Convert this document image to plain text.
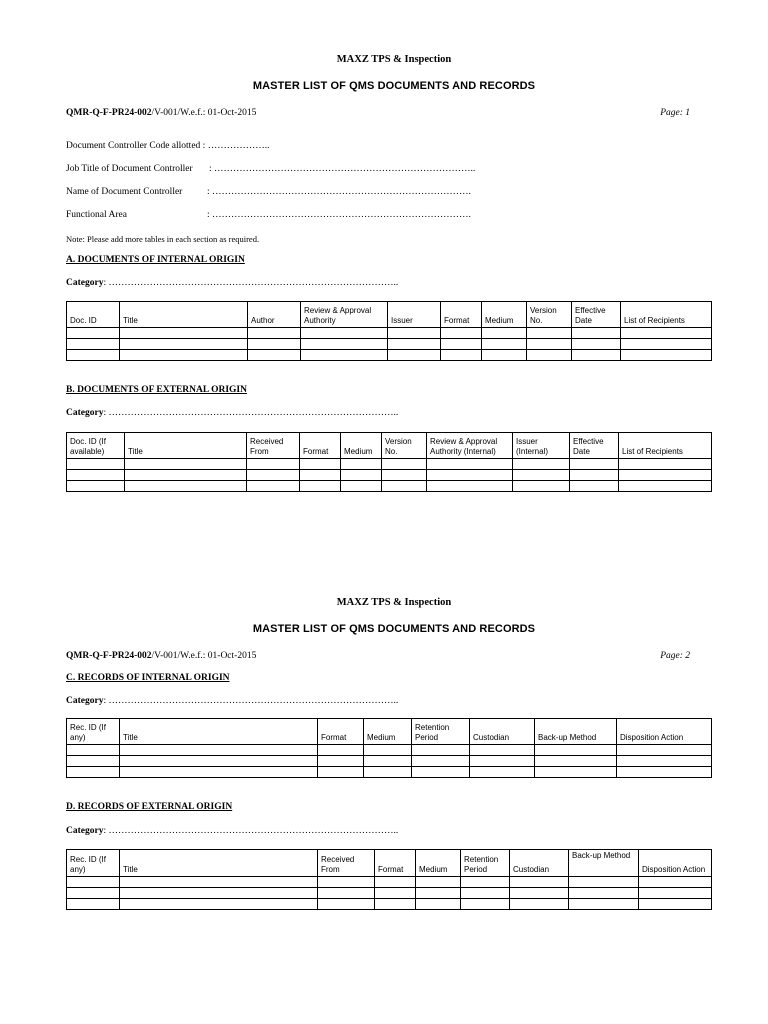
MAXZ TPS & Inspection
MASTER LIST OF QMS DOCUMENTS AND RECORDS
QMR-Q-F-PR24-002/V-001/W.e.f.: 01-Oct-2015	Page: 1
Document Controller Code allotted : ………………..
Job Title of Document Controller : ………………………………………………………………………..
Name of Document Controller	: ……………………………………………………………………….
Functional Area	: ……………………………………………………………………….
Note: Please add more tables in each section as required.
A. DOCUMENTS OF INTERNAL ORIGIN
Category: ………………………………………………………………………………..
Doc. ID	Title	Author	Review & Approval Authority	Issuer	Format	Medium	Version No.	Effective Date	List of Recipients

B. DOCUMENTS OF EXTERNAL ORIGIN
Category: ………………………………………………………………………………..
Doc. ID (If available)	Title	Received From	Format	Medium	Version No.	Review & Approval Authority (Internal)	Issuer (Internal)	Effective Date	List of Recipients

MAXZ TPS & Inspection
MASTER LIST OF QMS DOCUMENTS AND RECORDS
QMR-Q-F-PR24-002/V-001/W.e.f.: 01-Oct-2015	Page: 2
C. RECORDS OF INTERNAL ORIGIN
Category: ………………………………………………………………………………..
Rec. ID (If any)	Title	Format	Medium	Retention Period	Custodian	Back-up Method	Disposition Action

D. RECORDS OF EXTERNAL ORIGIN
Category: ………………………………………………………………………………..
Rec. ID (If any)	Title	Received From	Format	Medium	Retention Period	Custodian	Back-up Method	Disposition Action
